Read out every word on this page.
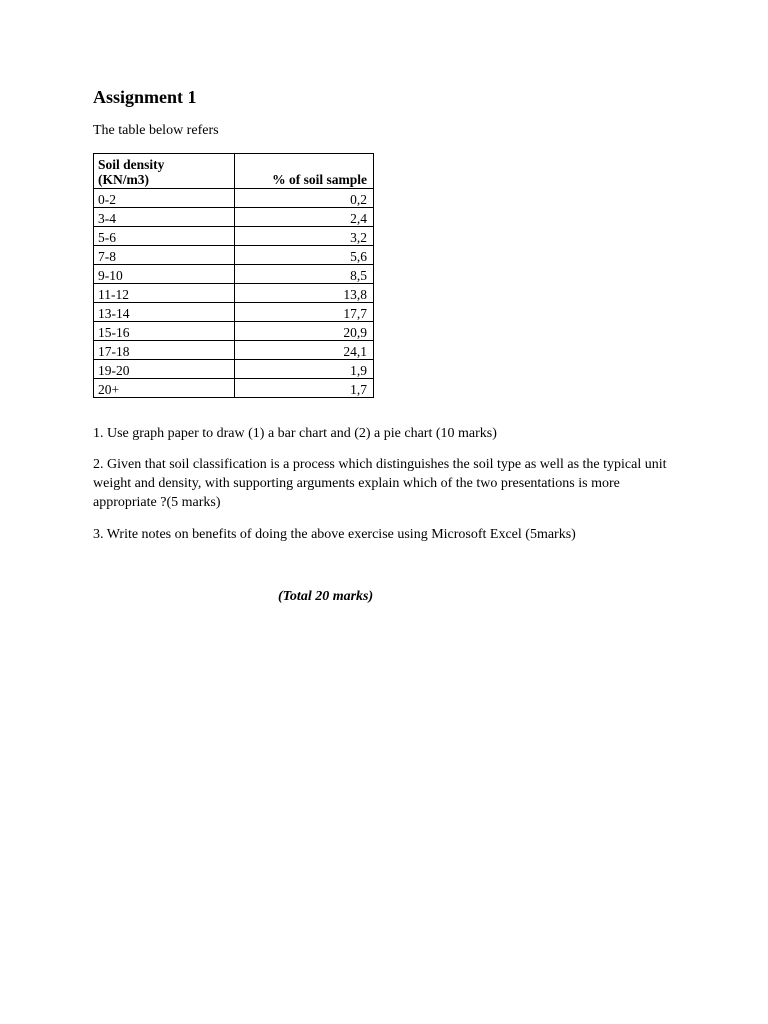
Assignment 1

The table below refers

Soil density
(KN/m3)	% of soil sample
0-2	0,2
3-4	2,4
5-6	3,2
7-8	5,6
9-10	8,5
11-12	13,8
13-14	17,7
15-16	20,9
17-18	24,1
19-20	1,9
20+	1,7

1. Use graph paper to draw (1) a bar chart and (2) a pie chart (10 marks)

2. Given that soil classification is a process which distinguishes the soil type as well as the typical unit weight and density, with supporting arguments explain which of the two presentations is more appropriate ?(5 marks)

3. Write notes on benefits of doing the above exercise using Microsoft Excel (5marks)

(Total 20 marks)
